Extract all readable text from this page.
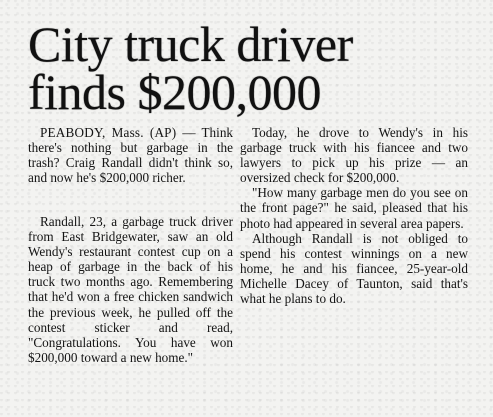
City truck driver
finds $200,000

PEABODY, Mass. (AP) — Think there's nothing but garbage in the trash? Craig Randall didn't think so, and now he's $200,000 richer.

Randall, 23, a garbage truck driver from East Bridgewater, saw an old Wendy's restaurant contest cup on a heap of garbage in the back of his truck two months ago. Remembering that he'd won a free chicken sandwich the previous week, he pulled off the contest sticker and read, "Congratulations. You have won $200,000 toward a new home."

Today, he drove to Wendy's in his garbage truck with his fiancee and two lawyers to pick up his prize — an oversized check for $200,000.

"How many garbage men do you see on the front page?" he said, pleased that his photo had appeared in several area papers.

Although Randall is not obliged to spend his contest winnings on a new home, he and his fiancee, 25-year-old Michelle Dacey of Taunton, said that's what he plans to do.
